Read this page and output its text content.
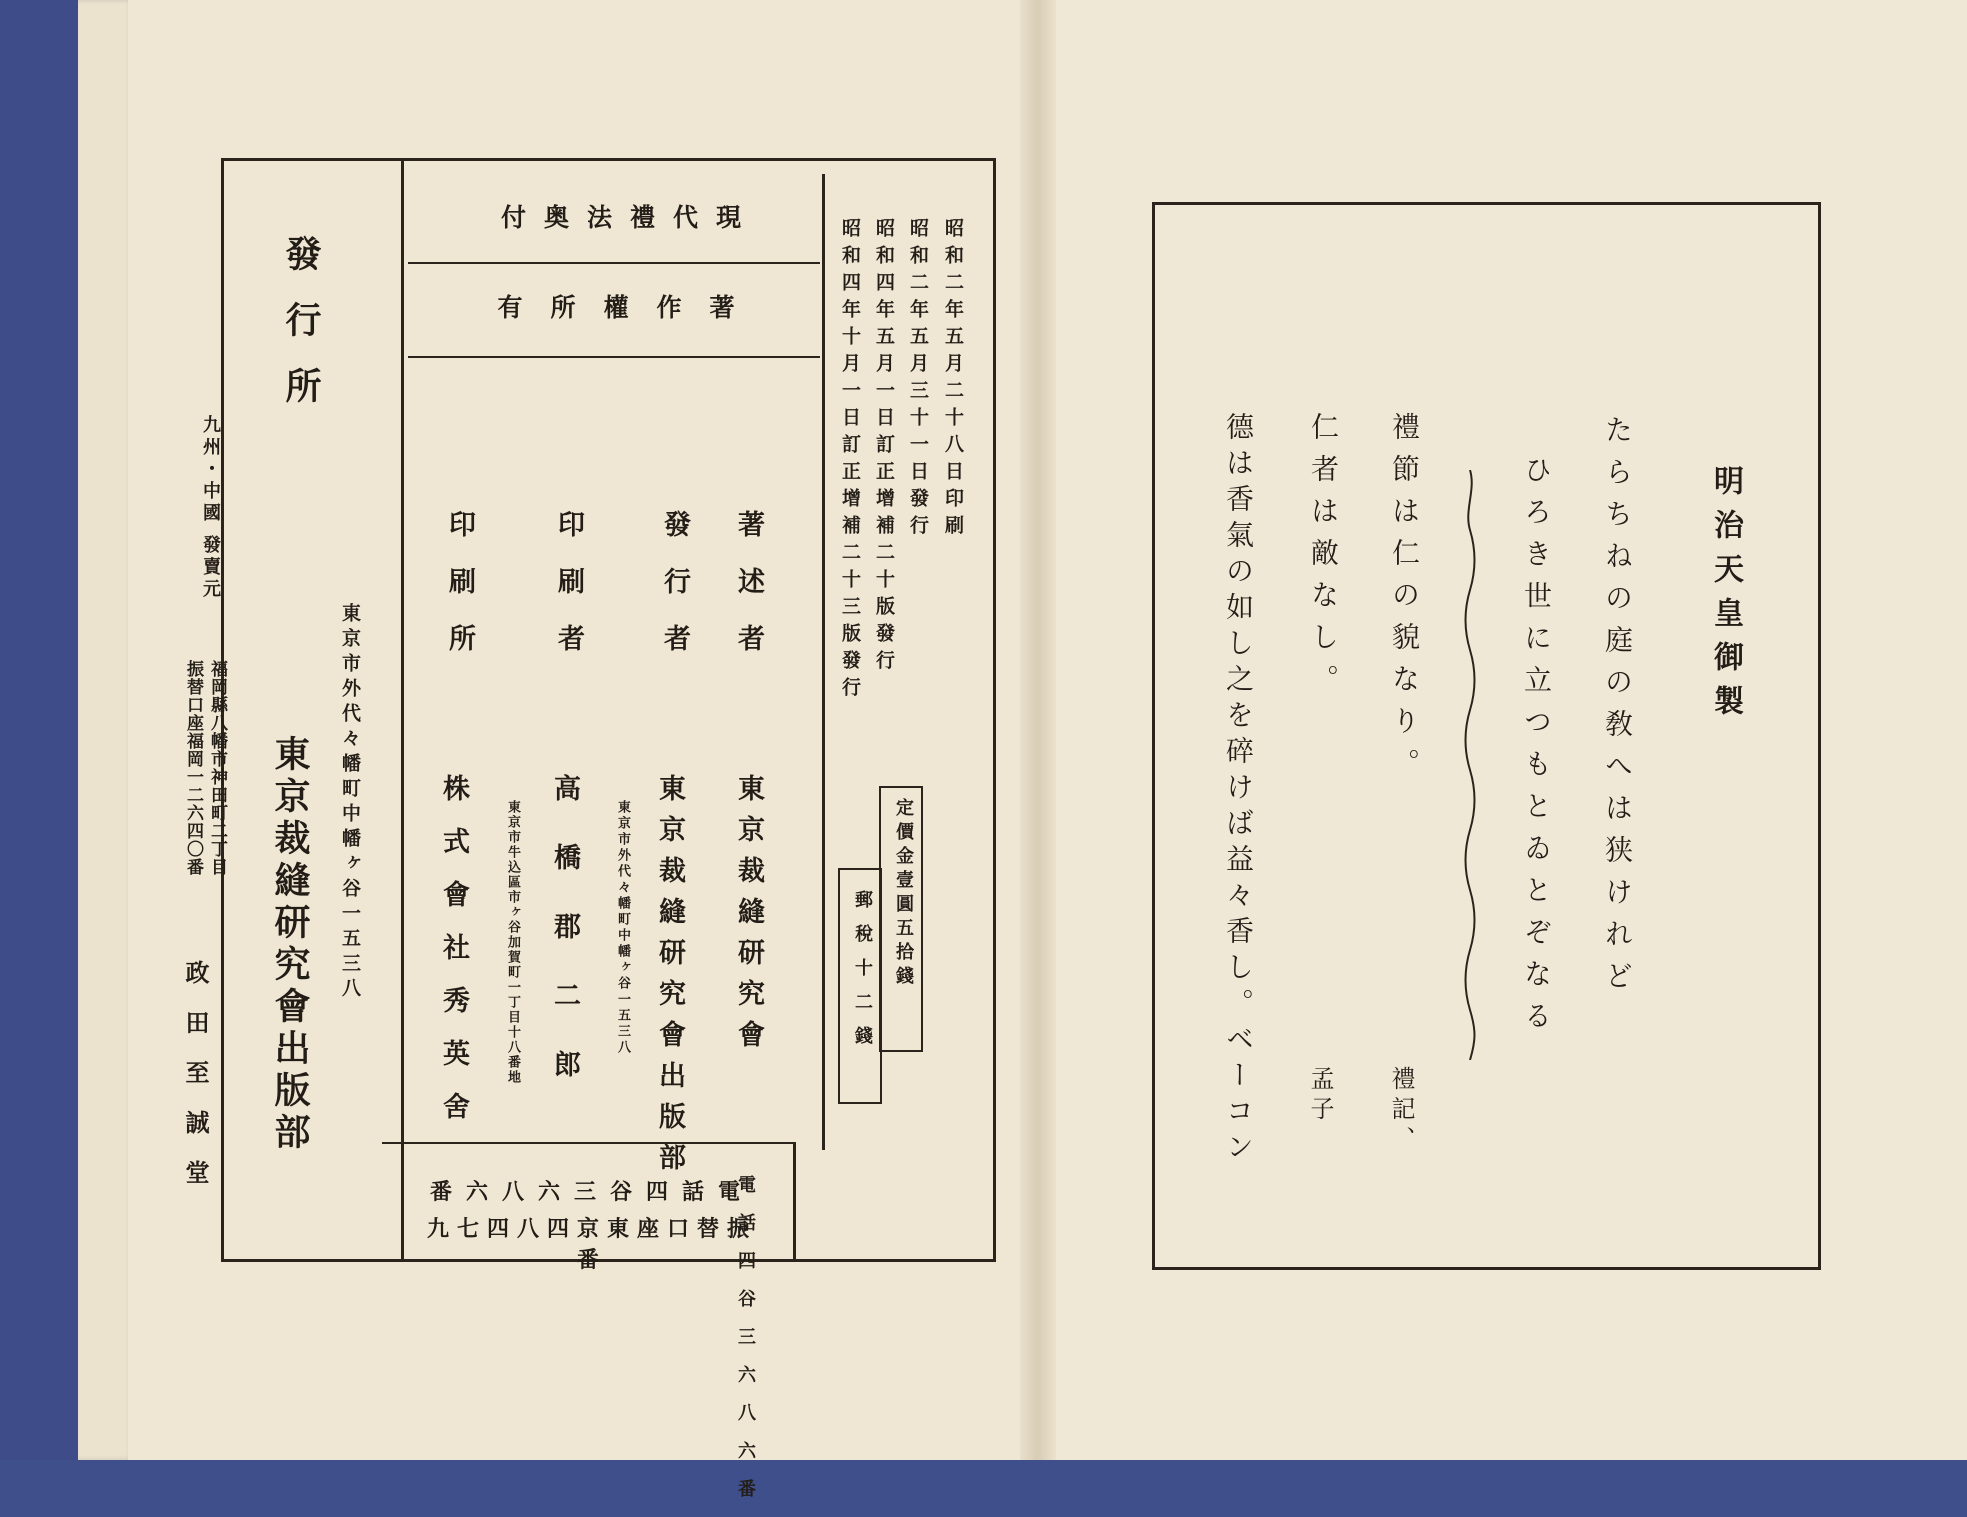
現代禮法奥付
著作權所有	昭和二年五月二十八日印刷
昭和二年五月三十一日發行
昭和四年五月一日訂正增補二十版發行
昭和四年十月一日訂正增補二十三版發行
定價金壹圓五拾錢
郵稅十二錢
著述者
東京裁縫研究會
發行者
東京裁縫研究會出版部
東京市外代々幡町中幡ヶ谷一五三八
印刷者
高橋郡二郎
東京市牛込區市ヶ谷加賀町一丁目十八番地
印刷所
株式會社秀英舍
電話四谷三六八六番
電話四谷三六八六番
振替口座東京四八四七九番
發行所
東京市外代々幡町中幡ヶ谷一五三八
東京裁縫研究會出版部
九州・中國 發賣元
福岡縣八幡市神田町二丁目
振替口座福岡一二六四〇番
政田至誠堂
明治天皇御製
たらちねの庭の敎へは狭けれど
ひろき世に立つもとゐとぞなる
禮節は仁の貌なり。
禮記、
仁者は敵なし。
孟子
德は香氣の如し之を碎けば益々香し。ベーコン
